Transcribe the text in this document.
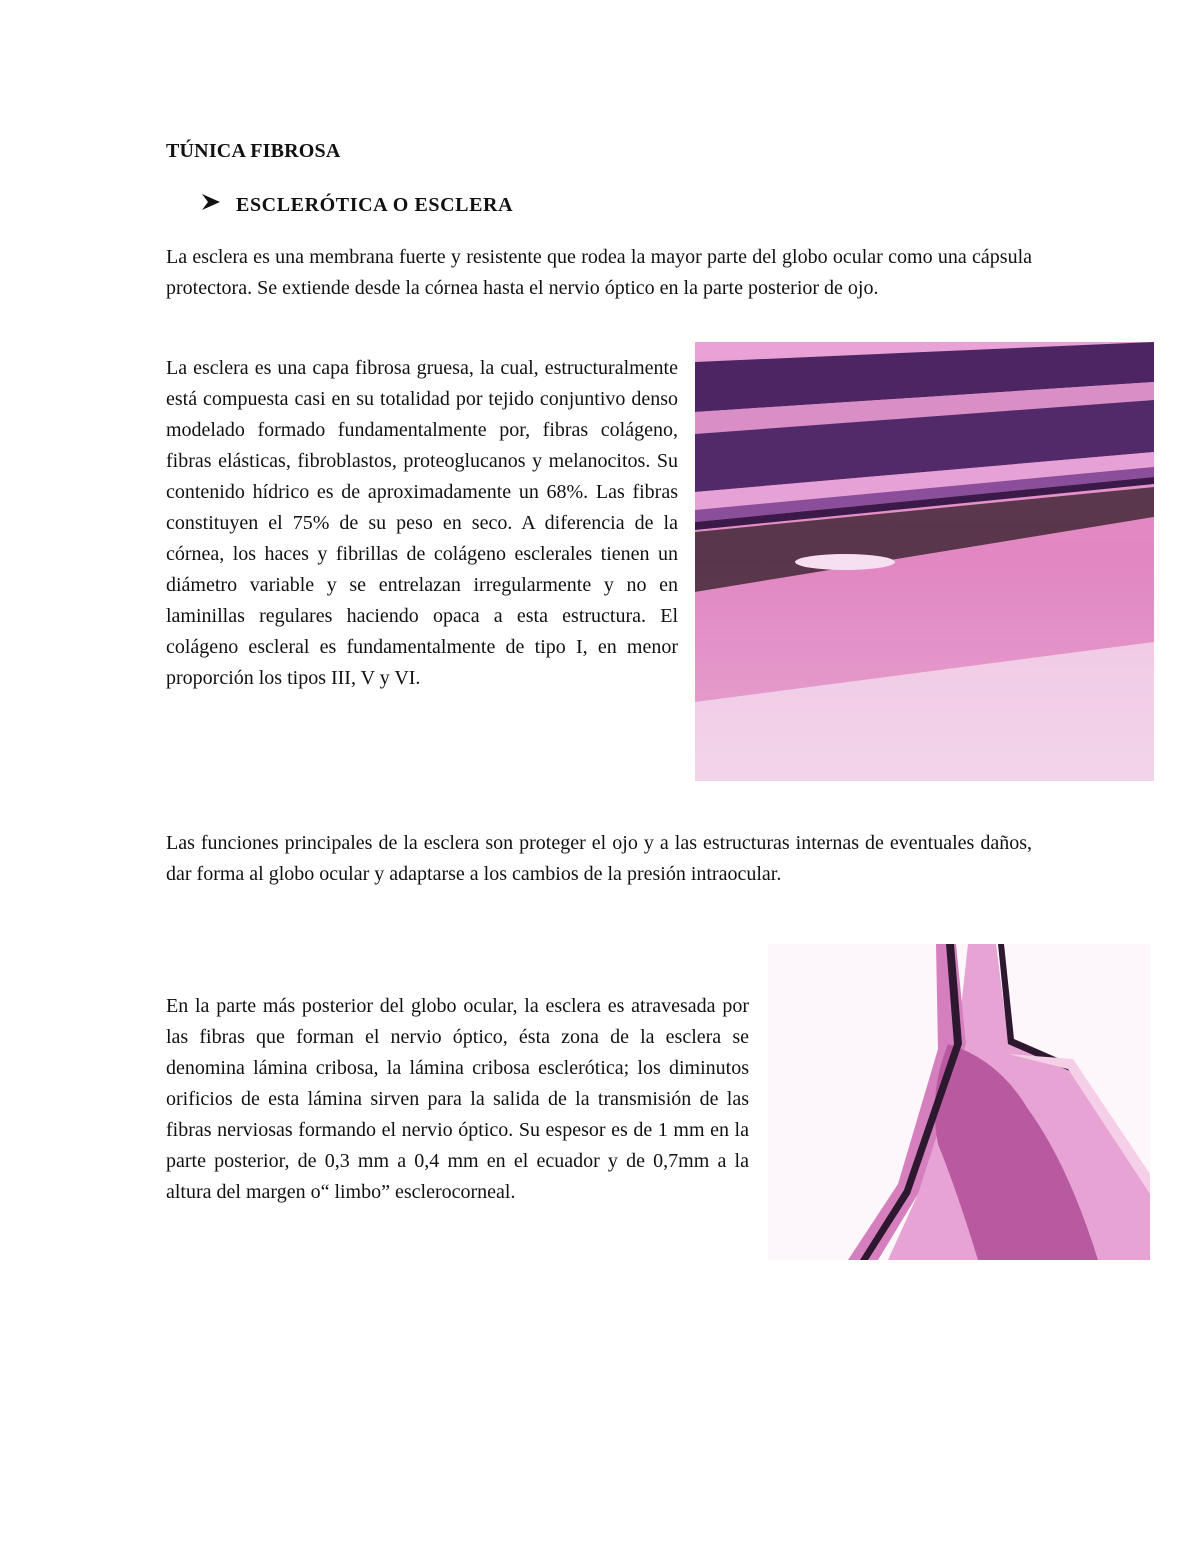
TÚNICA FIBROSA
ESCLERÓTICA O ESCLERA

La esclera es una membrana fuerte y resistente que rodea la mayor parte del globo ocular como una cápsula protectora. Se extiende desde la córnea hasta el nervio óptico en la parte posterior de ojo.

La esclera es una capa fibrosa gruesa, la cual, estructuralmente está compuesta casi en su totalidad por tejido conjuntivo denso modelado formado fundamentalmente por, fibras colágeno, fibras elásticas, fibroblastos, proteoglucanos y melanocitos. Su contenido hídrico es de aproximadamente un 68%. Las fibras constituyen el 75% de su peso en seco. A diferencia de la córnea, los haces y fibrillas de colágeno esclerales tienen un diámetro variable y se entrelazan irregularmente y no en laminillas regulares haciendo opaca a esta estructura. El colágeno escleral es fundamentalmente de tipo I, en menor proporción los tipos III, V y VI.

Las funciones principales de la esclera son proteger el ojo y a las estructuras internas de eventuales daños, dar forma al globo ocular y adaptarse a los cambios de la presión intraocular.

En la parte más posterior del globo ocular, la esclera es atravesada por las fibras que forman el nervio óptico, ésta zona de la esclera se denomina lámina cribosa, la lámina cribosa esclerótica; los diminutos orificios de esta lámina sirven para la salida de la transmisión de las fibras nerviosas formando el nervio óptico. Su espesor es de 1 mm en la parte posterior, de 0,3 mm a 0,4 mm en el ecuador y de 0,7mm a la altura del margen o“ limbo” esclerocorneal.
